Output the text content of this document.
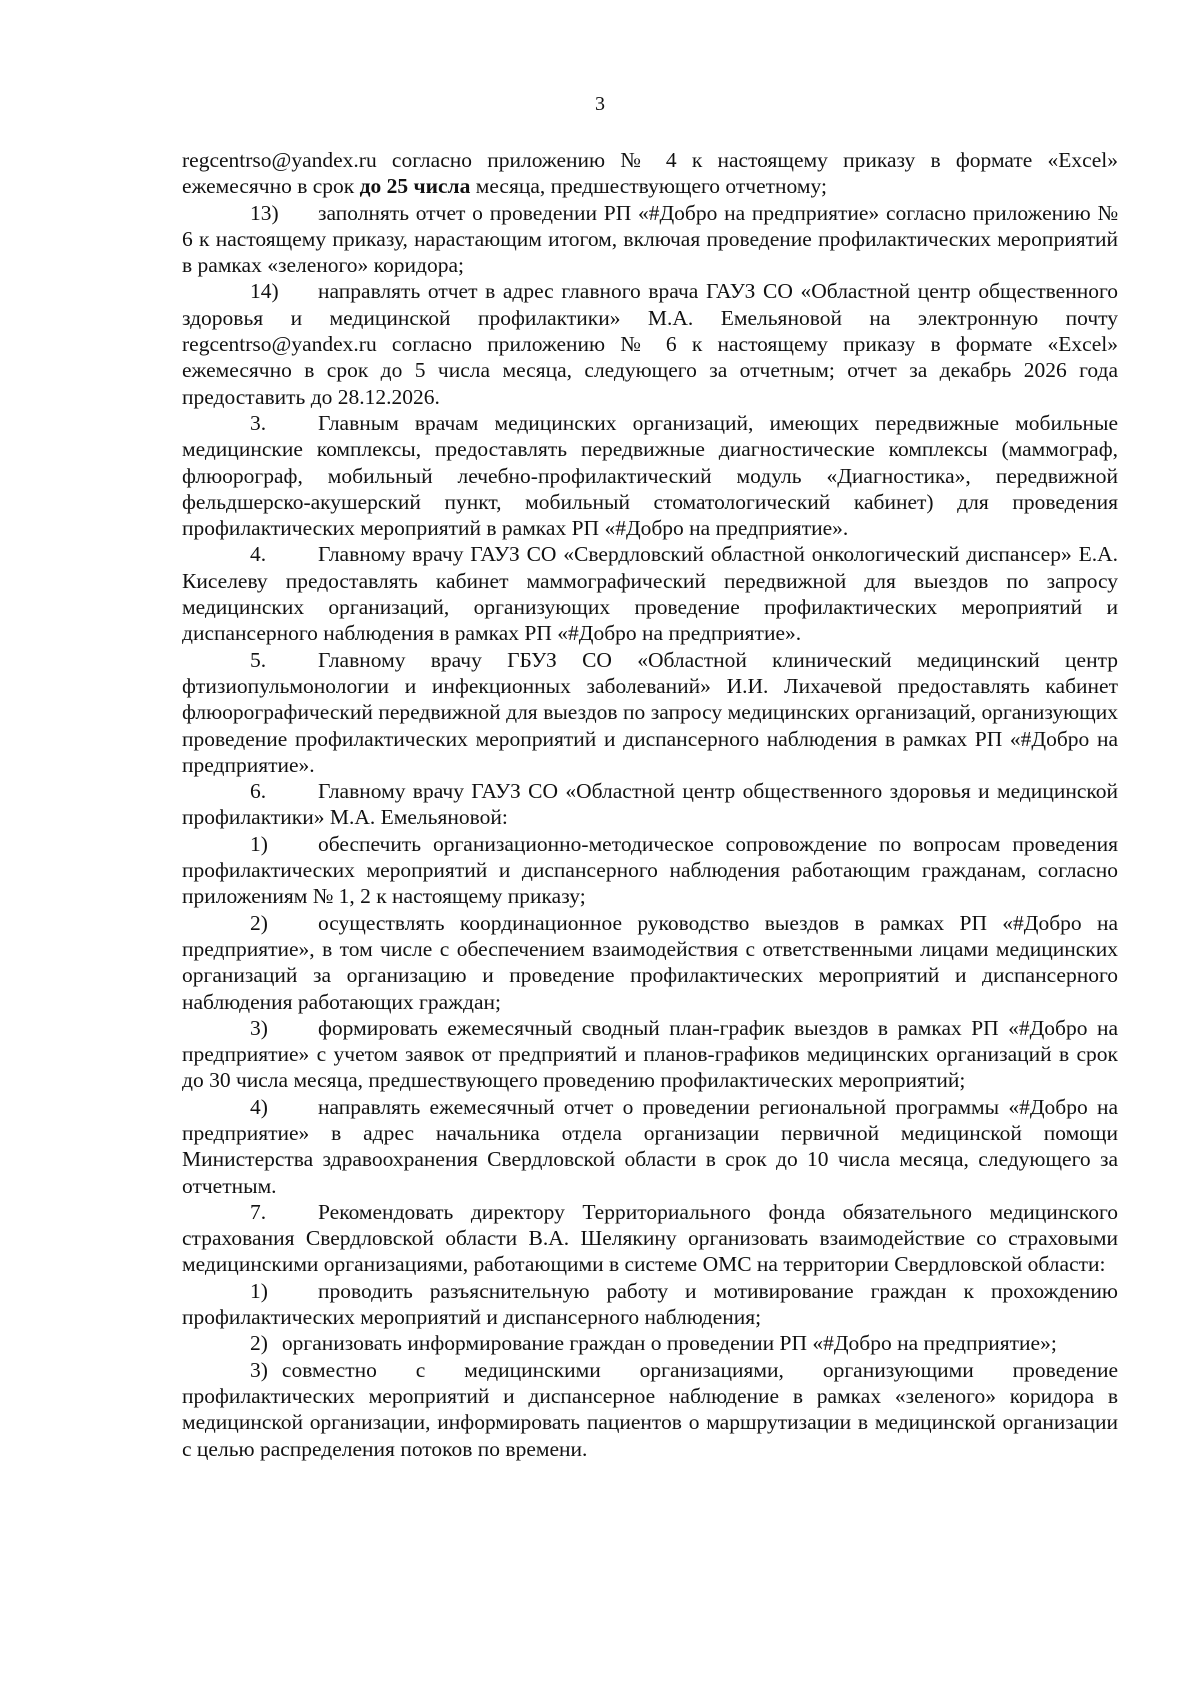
3

regcentrso@yandex.ru согласно приложению № 4 к настоящему приказу в формате «Excel» ежемесячно в срок до 25 числа месяца, предшествующего отчетному;

13) заполнять отчет о проведении РП «#Добро на предприятие» согласно приложению № 6 к настоящему приказу, нарастающим итогом, включая проведение профилактических мероприятий в рамках «зеленого» коридора;

14) направлять отчет в адрес главного врача ГАУЗ СО «Областной центр общественного здоровья и медицинской профилактики» М.А. Емельяновой на электронную почту regcentrso@yandex.ru согласно приложению № 6 к настоящему приказу в формате «Excel» ежемесячно в срок до 5 числа месяца, следующего за отчетным; отчет за декабрь 2026 года предоставить до 28.12.2026.

3. Главным врачам медицинских организаций, имеющих передвижные мобильные медицинские комплексы, предоставлять передвижные диагностические комплексы (маммограф, флюорограф, мобильный лечебно-профилактический модуль «Диагностика», передвижной фельдшерско-акушерский пункт, мобильный стоматологический кабинет) для проведения профилактических мероприятий в рамках РП «#Добро на предприятие».

4. Главному врачу ГАУЗ СО «Свердловский областной онкологический диспансер» Е.А. Киселеву предоставлять кабинет маммографический передвижной для выездов по запросу медицинских организаций, организующих проведение профилактических мероприятий и диспансерного наблюдения в рамках РП «#Добро на предприятие».

5. Главному врачу ГБУЗ СО «Областной клинический медицинский центр фтизиопульмонологии и инфекционных заболеваний» И.И. Лихачевой предоставлять кабинет флюорографический передвижной для выездов по запросу медицинских организаций, организующих проведение профилактических мероприятий и диспансерного наблюдения в рамках РП «#Добро на предприятие».

6. Главному врачу ГАУЗ СО «Областной центр общественного здоровья и медицинской профилактики» М.А. Емельяновой:

1) обеспечить организационно-методическое сопровождение по вопросам проведения профилактических мероприятий и диспансерного наблюдения работающим гражданам, согласно приложениям № 1, 2 к настоящему приказу;

2) осуществлять координационное руководство выездов в рамках РП «#Добро на предприятие», в том числе с обеспечением взаимодействия с ответственными лицами медицинских организаций за организацию и проведение профилактических мероприятий и диспансерного наблюдения работающих граждан;

3) формировать ежемесячный сводный план-график выездов в рамках РП «#Добро на предприятие» с учетом заявок от предприятий и планов-графиков медицинских организаций в срок до 30 числа месяца, предшествующего проведению профилактических мероприятий;

4) направлять ежемесячный отчет о проведении региональной программы «#Добро на предприятие» в адрес начальника отдела организации первичной медицинской помощи Министерства здравоохранения Свердловской области в срок до 10 числа месяца, следующего за отчетным.

7. Рекомендовать директору Территориального фонда обязательного медицинского страхования Свердловской области В.А. Шелякину организовать взаимодействие со страховыми медицинскими организациями, работающими в системе ОМС на территории Свердловской области:

1) проводить разъяснительную работу и мотивирование граждан к прохождению профилактических мероприятий и диспансерного наблюдения;

2) организовать информирование граждан о проведении РП «#Добро на предприятие»;

3) совместно с медицинскими организациями, организующими проведение профилактических мероприятий и диспансерное наблюдение в рамках «зеленого» коридора в медицинской организации, информировать пациентов о маршрутизации в медицинской организации с целью распределения потоков по времени.
